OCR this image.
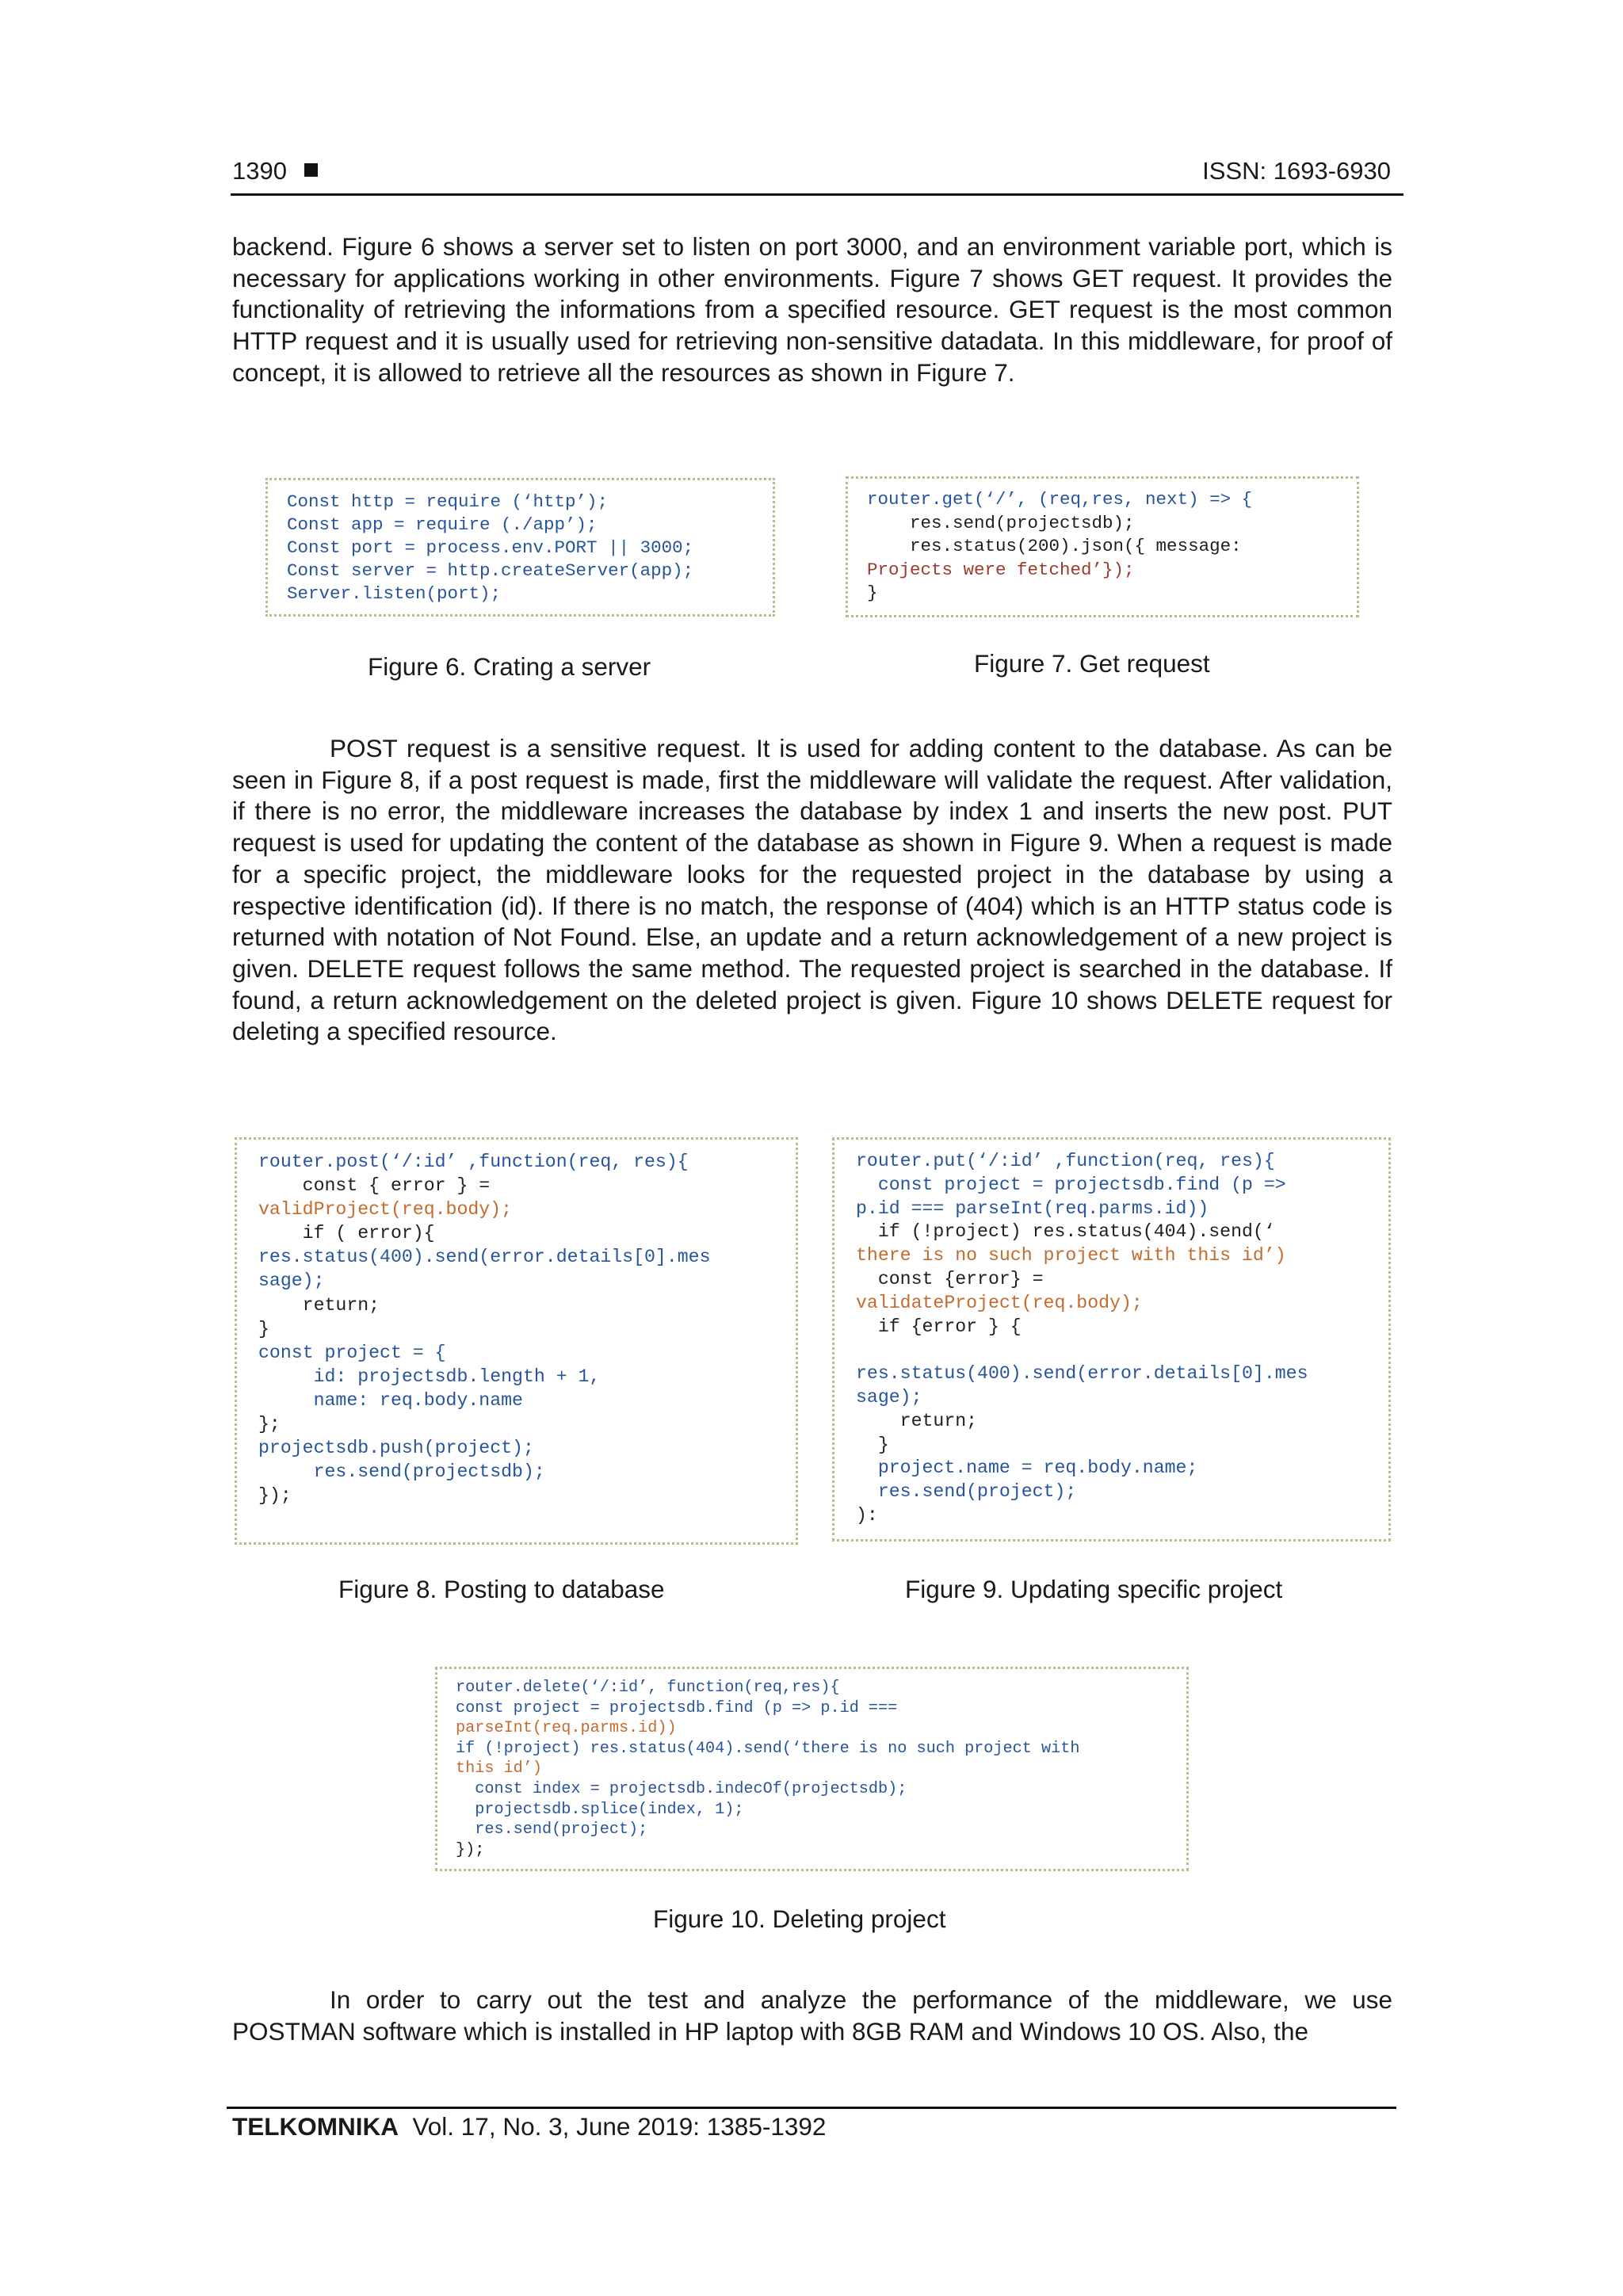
1390	ISSN: 1693-6930

backend. Figure 6 shows a server set to listen on port 3000, and an environment variable port, which is necessary for applications working in other environments. Figure 7 shows GET request. It provides the functionality of retrieving the informations from a specified resource. GET request is the most common HTTP request and it is usually used for retrieving non-sensitive datadata. In this middleware, for proof of concept, it is allowed to retrieve all the resources as shown in Figure 7.

Const http = require (‘http’);
Const app = require (./app’);
Const port = process.env.PORT || 3000;
Const server = http.createServer(app);
Server.listen(port);
Figure 6. Crating a server
router.get(‘/’, (req,res, next) => {
res.send(projectsdb);
res.status(200).json({ message:
Projects were fetched’});
}
Figure 7. Get request

POST request is a sensitive request. It is used for adding content to the database. As can be seen in Figure 8, if a post request is made, first the middleware will validate the request. After validation, if there is no error, the middleware increases the database by index 1 and inserts the new post. PUT request is used for updating the content of the database as shown in Figure 9. When a request is made for a specific project, the middleware looks for the requested project in the database by using a respective identification (id). If there is no match, the response of (404) which is an HTTP status code is returned with notation of Not Found. Else, an update and a return acknowledgement of a new project is given. DELETE request follows the same method. The requested project is searched in the database. If found, a return acknowledgement on the deleted project is given. Figure 10 shows DELETE request for deleting a specified resource.

router.post(‘/:id’ ,function(req, res){
const { error } =
validProject(req.body);
if ( error){
res.status(400).send(error.details[0].mes
sage);
return;
}
const project = {
id: projectsdb.length + 1,
name: req.body.name
};
projectsdb.push(project);
res.send(projectsdb);
});
Figure 8. Posting to database
router.put(‘/:id’ ,function(req, res){
const project = projectsdb.find (p =>
p.id === parseInt(req.parms.id))
if (!project) res.status(404).send(‘
there is no such project with this id’)
const {error} =
validateProject(req.body);
if {error } {

res.status(400).send(error.details[0].mes
sage);
return;
}
project.name = req.body.name;
res.send(project);
):
Figure 9. Updating specific project
router.delete(‘/:id’, function(req,res){
const project = projectsdb.find (p => p.id ===
parseInt(req.parms.id))
if (!project) res.status(404).send(‘there is no such project with
this id’)
const index = projectsdb.indecOf(projectsdb);
projectsdb.splice(index, 1);
res.send(project);
});
Figure 10. Deleting project

In order to carry out the test and analyze the performance of the middleware, we use POSTMAN software which is installed in HP laptop with 8GB RAM and Windows 10 OS. Also, the

TELKOMNIKA Vol. 17, No. 3, June 2019: 1385-1392
